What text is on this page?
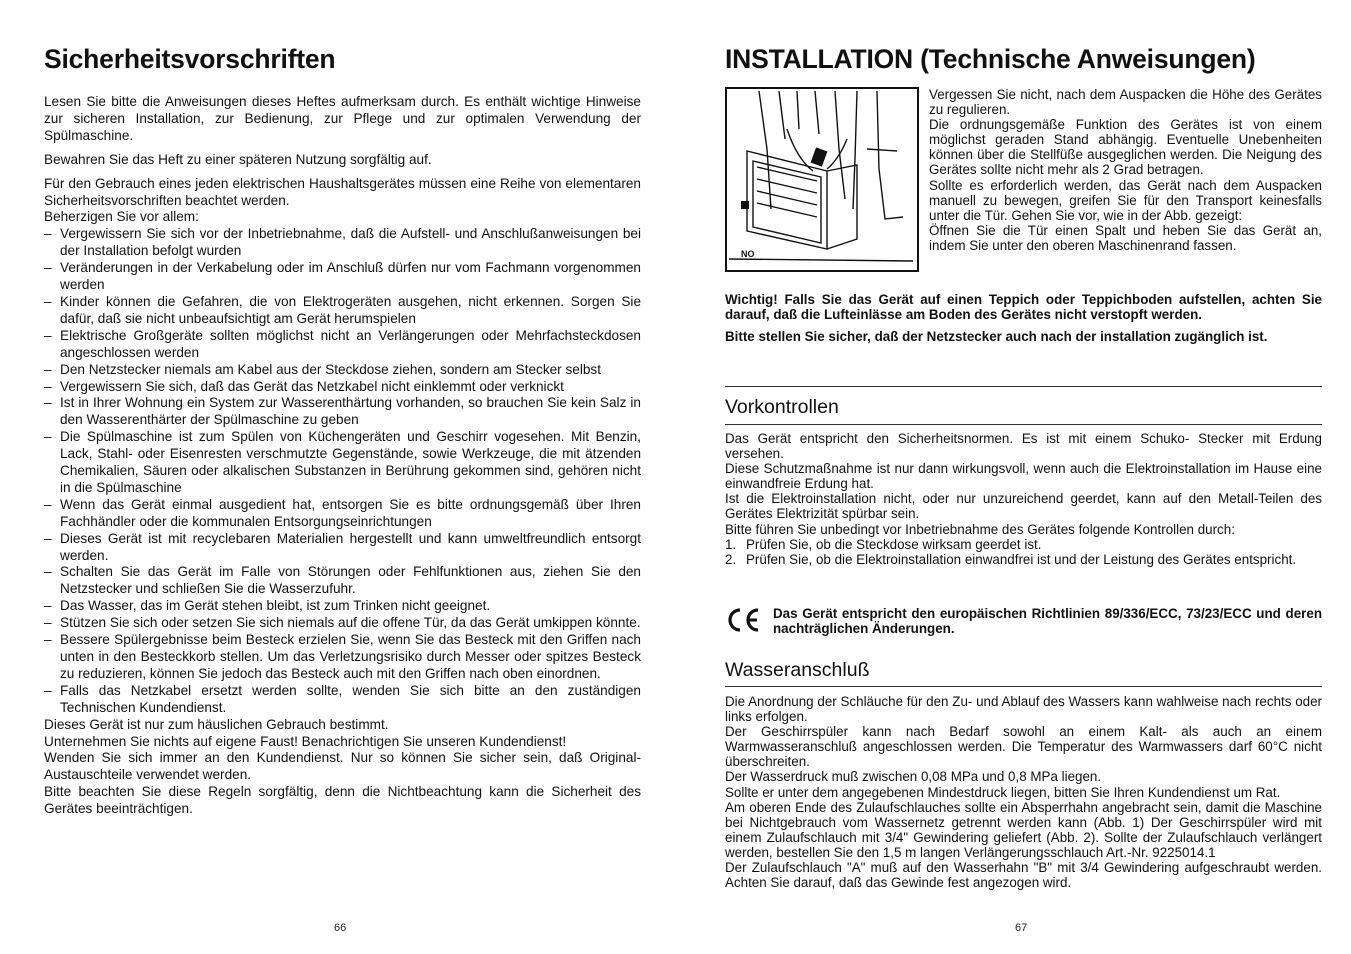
Sicherheitsvorschriften

Lesen Sie bitte die Anweisungen dieses Heftes aufmerksam durch. Es enthält wichtige Hinweise zur sicheren Installation, zur Bedienung, zur Pflege und zur optimalen Verwendung der Spülmaschine.

Bewahren Sie das Heft zu einer späteren Nutzung sorgfältig auf.

Für den Gebrauch eines jeden elektrischen Haushaltsgerätes müssen eine Reihe von elementaren Sicherheitsvorschriften beachtet werden.

Beherzigen Sie vor allem:

– Vergewissern Sie sich vor der Inbetriebnahme, daß die Aufstell- und Anschlußanweisungen bei der Installation befolgt wurden

– Veränderungen in der Verkabelung oder im Anschluß dürfen nur vom Fachmann vorgenommen werden

– Kinder können die Gefahren, die von Elektrogeräten ausgehen, nicht erkennen. Sorgen Sie dafür, daß sie nicht unbeaufsichtigt am Gerät herumspielen

– Elektrische Großgeräte sollten möglichst nicht an Verlängerungen oder Mehrfachsteckdosen angeschlossen werden

– Den Netzstecker niemals am Kabel aus der Steckdose ziehen, sondern am Stecker selbst

– Vergewissern Sie sich, daß das Gerät das Netzkabel nicht einklemmt oder verknickt

– Ist in Ihrer Wohnung ein System zur Wasserenthärtung vorhanden, so brauchen Sie kein Salz in den Wasserenthärter der Spülmaschine zu geben

– Die Spülmaschine ist zum Spülen von Küchengeräten und Geschirr vogesehen. Mit Benzin, Lack, Stahl- oder Eisenresten verschmutzte Gegenstände, sowie Werkzeuge, die mit ätzenden Chemikalien, Säuren oder alkalischen Substanzen in Berührung gekommen sind, gehören nicht in die Spülmaschine

– Wenn das Gerät einmal ausgedient hat, entsorgen Sie es bitte ordnungsgemäß über Ihren Fachhändler oder die kommunalen Entsorgungseinrichtungen

– Dieses Gerät ist mit recyclebaren Materialien hergestellt und kann umweltfreundlich entsorgt werden.

– Schalten Sie das Gerät im Falle von Störungen oder Fehlfunktionen aus, ziehen Sie den Netzstecker und schließen Sie die Wasserzufuhr.

– Das Wasser, das im Gerät stehen bleibt, ist zum Trinken nicht geeignet.

– Stützen Sie sich oder setzen Sie sich niemals auf die offene Tür, da das Gerät umkippen könnte.

– Bessere Spülergebnisse beim Besteck erzielen Sie, wenn Sie das Besteck mit den Griffen nach unten in den Besteckkorb stellen. Um das Verletzungsrisiko durch Messer oder spitzes Besteck zu reduzieren, können Sie jedoch das Besteck auch mit den Griffen nach oben einordnen.

– Falls das Netzkabel ersetzt werden sollte, wenden Sie sich bitte an den zuständigen Technischen Kundendienst.

Dieses Gerät ist nur zum häuslichen Gebrauch bestimmt.

Unternehmen Sie nichts auf eigene Faust! Benachrichtigen Sie unseren Kundendienst!

Wenden Sie sich immer an den Kundendienst. Nur so können Sie sicher sein, daß Original-Austauschteile verwendet werden.

Bitte beachten Sie diese Regeln sorgfältig, denn die Nichtbeachtung kann die Sicherheit des Gerätes beeinträchtigen.

66
INSTALLATION (Technische Anweisungen)
NO

Vergessen Sie nicht, nach dem Auspacken die Höhe des Gerätes zu regulieren.

Die ordnungsgemäße Funktion des Gerätes ist von einem möglichst geraden Stand abhängig. Eventuelle Unebenheiten können über die Stellfüße ausgeglichen werden. Die Neigung des Gerätes sollte nicht mehr als 2 Grad betragen.

Sollte es erforderlich werden, das Gerät nach dem Auspacken manuell zu bewegen, greifen Sie für den Transport keinesfalls unter die Tür. Gehen Sie vor, wie in der Abb. gezeigt:

Öffnen Sie die Tür einen Spalt und heben Sie das Gerät an, indem Sie unter den oberen Maschinenrand fassen.

Wichtig! Falls Sie das Gerät auf einen Teppich oder Teppichboden aufstellen, achten Sie darauf, daß die Lufteinlässe am Boden des Gerätes nicht verstopft werden.

Bitte stellen Sie sicher, daß der Netzstecker auch nach der installation zugänglich ist.

Vorkontrollen

Das Gerät entspricht den Sicherheitsnormen. Es ist mit einem Schuko- Stecker mit Erdung versehen.

Diese Schutzmaßnahme ist nur dann wirkungsvoll, wenn auch die Elektroinstallation im Hause eine einwandfreie Erdung hat.

Ist die Elektroinstallation nicht, oder nur unzureichend geerdet, kann auf den Metall-Teilen des Gerätes Elektrizität spürbar sein.

Bitte führen Sie unbedingt vor Inbetriebnahme des Gerätes folgende Kontrollen durch:

1. Prüfen Sie, ob die Steckdose wirksam geerdet ist.

2. Prüfen Sie, ob die Elektroinstallation einwandfrei ist und der Leistung des Gerätes entspricht.

Das Gerät entspricht den europäischen Richtlinien 89/336/ECC, 73/23/ECC und deren nachträglichen Änderungen.
Wasseranschluß

Die Anordnung der Schläuche für den Zu- und Ablauf des Wassers kann wahlweise nach rechts oder links erfolgen.

Der Geschirrspüler kann nach Bedarf sowohl an einem Kalt- als auch an einem Warmwasseranschluß angeschlossen werden. Die Temperatur des Warmwassers darf 60°C nicht überschreiten.

Der Wasserdruck muß zwischen 0,08 MPa und 0,8 MPa liegen.

Sollte er unter dem angegebenen Mindestdruck liegen, bitten Sie Ihren Kundendienst um Rat.

Am oberen Ende des Zulaufschlauches sollte ein Absperrhahn angebracht sein, damit die Maschine bei Nichtgebrauch vom Wassernetz getrennt werden kann (Abb. 1) Der Geschirrspüler wird mit einem Zulaufschlauch mit 3/4" Gewindering geliefert (Abb. 2). Sollte der Zulaufschlauch verlängert werden, bestellen Sie den 1,5 m langen Verlängerungsschlauch Art.-Nr. 9225014.1

Der Zulaufschlauch "A" muß auf den Wasserhahn "B" mit 3/4 Gewindering aufgeschraubt werden. Achten Sie darauf, daß das Gewinde fest angezogen wird.

67
